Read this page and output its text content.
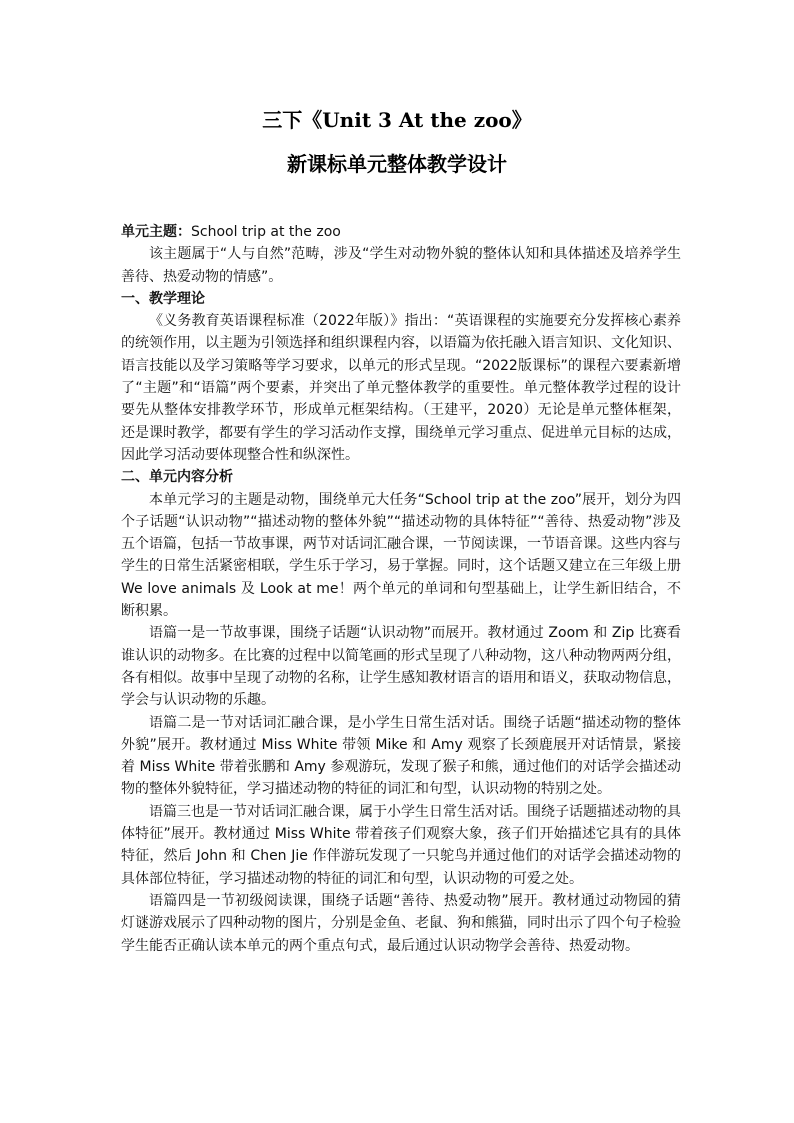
三下《Unit 3 At the zoo》
新课标单元整体教学设计

单元主题：School trip at the zoo

该主题属于“人与自然”范畴，涉及“学生对动物外貌的整体认知和具体描述及培养学生善待、热爱动物的情感”。

一、教学理论

《义务教育英语课程标准（2022年版）》指出：“英语课程的实施要充分发挥核心素养的统领作用，以主题为引领选择和组织课程内容，以语篇为依托融入语言知识、文化知识、语言技能以及学习策略等学习要求，以单元的形式呈现。“2022版课标”的课程六要素新增了“主题”和“语篇”两个要素，并突出了单元整体教学的重要性。单元整体教学过程的设计要先从整体安排教学环节，形成单元框架结构。（王建平，2020）无论是单元整体框架，还是课时教学，都要有学生的学习活动作支撑，围绕单元学习重点、促进单元目标的达成，因此学习活动要体现整合性和纵深性。

二、单元内容分析

本单元学习的主题是动物，围绕单元大任务“School trip at the zoo”展开，划分为四个子话题“认识动物”“描述动物的整体外貌”“描述动物的具体特征”“善待、热爱动物”涉及五个语篇，包括一节故事课，两节对话词汇融合课，一节阅读课，一节语音课。这些内容与学生的日常生活紧密相联，学生乐于学习，易于掌握。同时，这个话题又建立在三年级上册 We love animals 及 Look at me！两个单元的单词和句型基础上，让学生新旧结合，不断积累。

语篇一是一节故事课，围绕子话题“认识动物”而展开。教材通过 Zoom 和 Zip 比赛看谁认识的动物多。在比赛的过程中以简笔画的形式呈现了八种动物，这八种动物两两分组，各有相似。故事中呈现了动物的名称，让学生感知教材语言的语用和语义，获取动物信息，学会与认识动物的乐趣。

语篇二是一节对话词汇融合课，是小学生日常生活对话。围绕子话题“描述动物的整体外貌”展开。教材通过 Miss White 带领 Mike 和 Amy 观察了长颈鹿展开对话情景，紧接着 Miss White 带着张鹏和 Amy 参观游玩，发现了猴子和熊，通过他们的对话学会描述动物的整体外貌特征，学习描述动物的特征的词汇和句型，认识动物的特别之处。

语篇三也是一节对话词汇融合课，属于小学生日常生活对话。围绕子话题描述动物的具体特征”展开。教材通过 Miss White 带着孩子们观察大象，孩子们开始描述它具有的具体特征，然后 John 和 Chen Jie 作伴游玩发现了一只鸵鸟并通过他们的对话学会描述动物的具体部位特征，学习描述动物的特征的词汇和句型，认识动物的可爱之处。

语篇四是一节初级阅读课，围绕子话题“善待、热爱动物”展开。教材通过动物园的猜灯谜游戏展示了四种动物的图片，分别是金鱼、老鼠、狗和熊猫，同时出示了四个句子检验学生能否正确认读本单元的两个重点句式，最后通过认识动物学会善待、热爱动物。
